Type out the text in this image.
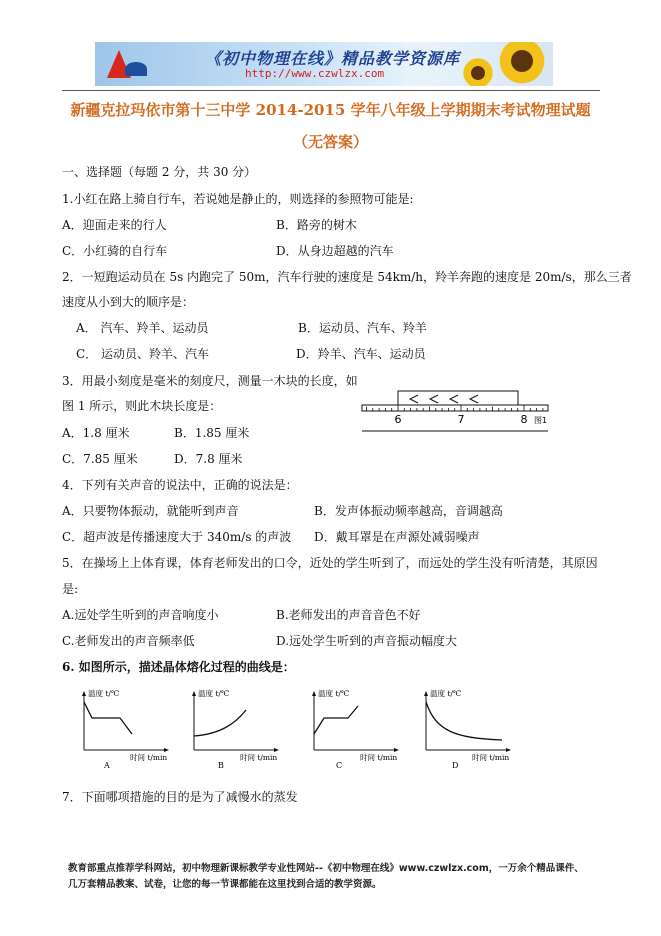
《初中物理在线》精品教学资源库
http://www.czwlzx.com
新疆克拉玛依市第十三中学 2014-2015 学年八年级上学期期末考试物理试题
（无答案）
一、选择题（每题 2 分，共 30 分）
1.小红在路上骑自行车，若说她是静止的，则选择的参照物可能是:
A．迎面走来的行人	B．路旁的树木
C．小红骑的自行车	D．从身边超越的汽车
2．一短跑运动员在 5s 内跑完了 50m，汽车行驶的速度是 54km/h，羚羊奔跑的速度是 20m/s，那么三者
速度从小到大的顺序是：
A． 汽车、羚羊、运动员	B．运动员、汽车、羚羊
C． 运动员、羚羊、汽车	D．羚羊、汽车、运动员
3．用最小刻度是毫米的刻度尺，测量一木块的长度，如
图 1 所示，则此木块长度是：
A．1.8 厘米	B．1.85 厘米
C．7.85 厘米	D．7.8 厘米
6	7	8 图1
4．下列有关声音的说法中，正确的说法是：
A．只要物体振动，就能听到声音	B．发声体振动频率越高，音调越高
C．超声波是传播速度大于 340m/s 的声波 D．戴耳罩是在声源处减弱噪声
5．在操场上上体育课，体育老师发出的口令，近处的学生听到了，而远处的学生没有听清楚，其原因
是:
A.远处学生听到的声音响度小	B.老师发出的声音音色不好
C.老师发出的声音频率低	D.远处学生听到的声音振动幅度大
6. 如图所示，描述晶体熔化过程的曲线是：
温度 t/℃
时间 t/min
A
温度 t/℃
时间 t/min
B
温度 t/℃
时间 t/min
C
温度 t/℃
时间 t/min
D
7．下面哪项措施的目的是为了减慢水的蒸发
教育部重点推荐学科网站，初中物理新课标教学专业性网站--《初中物理在线》www.czwlzx.com，一万余个精品课件、
几万套精品教案、试卷，让您的每一节课都能在这里找到合适的教学资源。
